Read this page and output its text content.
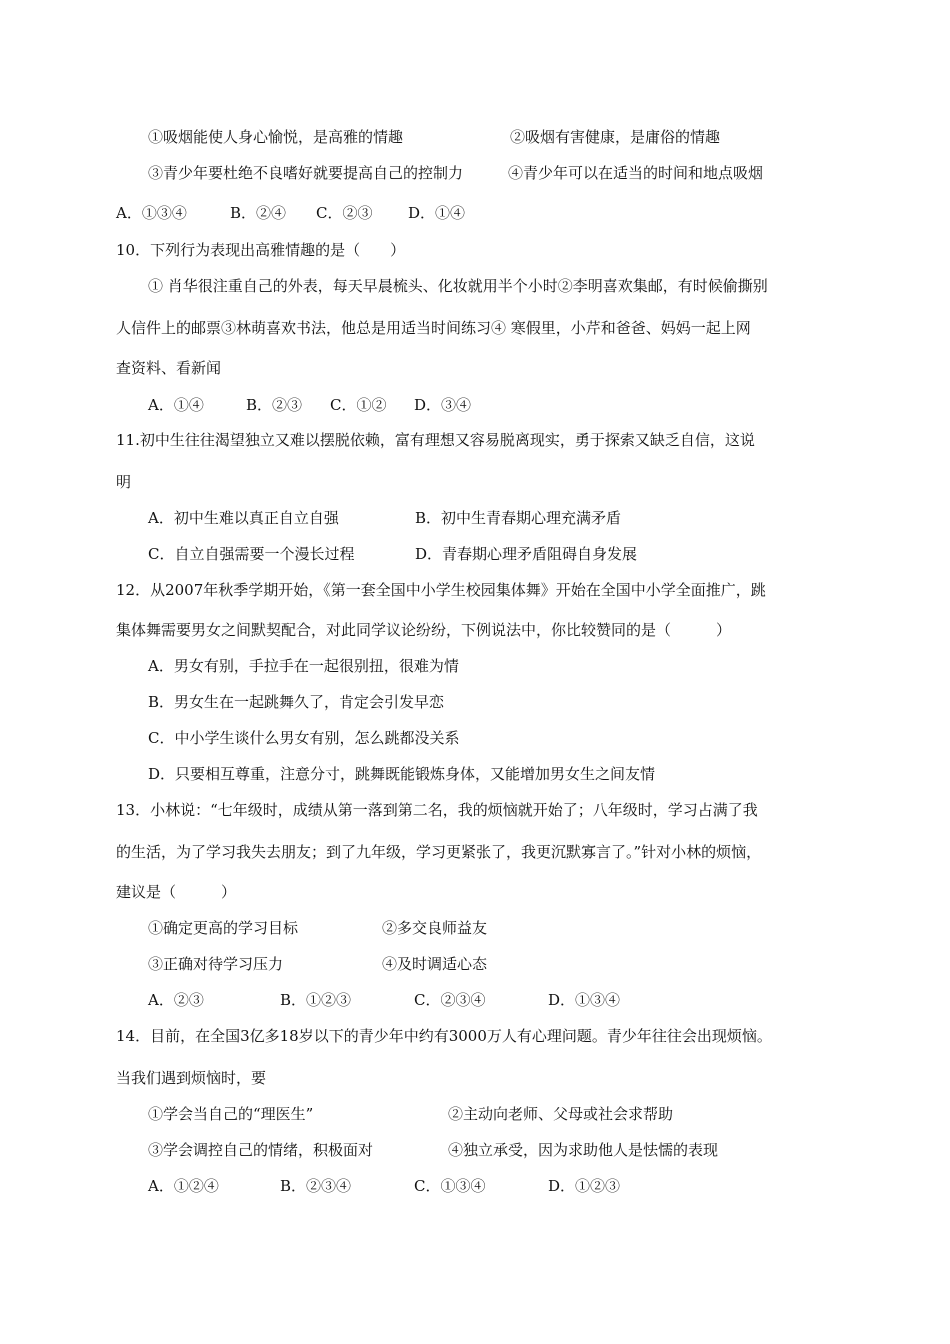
①吸烟能使人身心愉悦，是高雅的情趣	②吸烟有害健康，是庸俗的情趣
③青少年要杜绝不良嗜好就要提高自己的控制力	④青少年可以在适当的时间和地点吸烟
A．①③④	B．②④ C．②③ D．①④
10．下列行为表现出高雅情趣的是（　　）
① 肖华很注重自己的外表，每天早晨梳头、化妆就用半个小时②李明喜欢集邮，有时候偷撕别
人信件上的邮票③林萌喜欢书法，他总是用适当时间练习④ 寒假里，小芹和爸爸、妈妈一起上网
查资料、看新闻
A．①④	B．②③ C．①② D．③④
11.初中生往往渴望独立又难以摆脱依赖，富有理想又容易脱离现实，勇于探索又缺乏自信，这说
明
A．初中生难以真正自立自强	B．初中生青春期心理充满矛盾
C．自立自强需要一个漫长过程	D．青春期心理矛盾阻碍自身发展
12．从2007年秋季学期开始，《第一套全国中小学生校园集体舞》开始在全国中小学全面推广，跳
集体舞需要男女之间默契配合，对此同学议论纷纷，下例说法中，你比较赞同的是（　　　）
A．男女有别，手拉手在一起很别扭，很难为情
B．男女生在一起跳舞久了，肯定会引发早恋
C．中小学生谈什么男女有别，怎么跳都没关系
D．只要相互尊重，注意分寸，跳舞既能锻炼身体，又能增加男女生之间友情
13．小林说：“七年级时，成绩从第一落到第二名，我的烦恼就开始了；八年级时，学习占满了我
的生活，为了学习我失去朋友；到了九年级，学习更紧张了，我更沉默寡言了。”针对小林的烦恼，
建议是（　　　）
①确定更高的学习目标	②多交良师益友
③正确对待学习压力	④及时调适心态
A．②③	B．①②③	C．②③④	D．①③④
14．目前，在全国3亿多18岁以下的青少年中约有3000万人有心理问题。青少年往往会出现烦恼。
当我们遇到烦恼时，要
①学会当自己的“理医生”	②主动向老师、父母或社会求帮助
③学会调控自己的情绪，积极面对	④独立承受，因为求助他人是怯懦的表现
A．①②④	B．②③④	C．①③④	D．①②③
